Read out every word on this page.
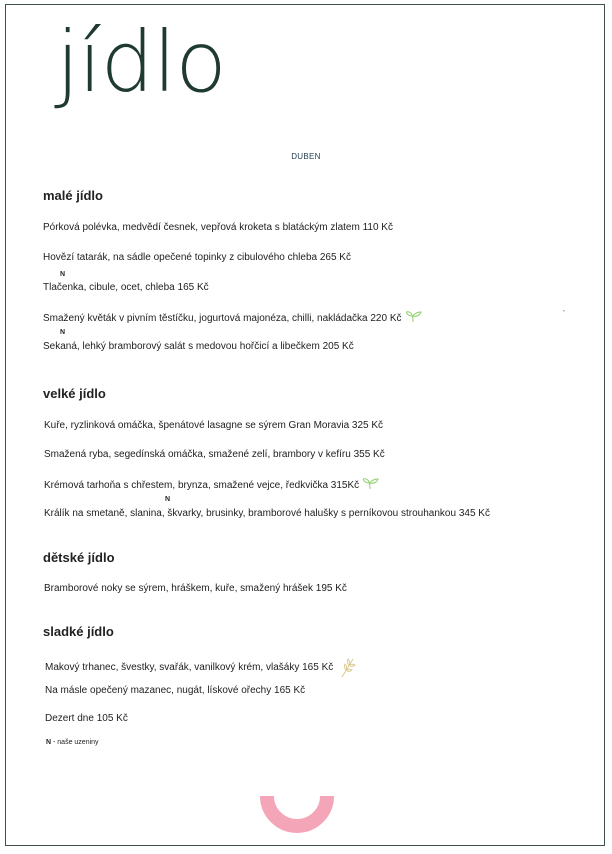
jídlo
DUBEN
’
malé jídlo
Pórková polévka, medvědí česnek, vepřová kroketa s blatáckým zlatem 110 Kč
Hovězí tatarák, na sádle opečené topinky z cibulového chleba 265 Kč
N
Tlačenka, cibule, ocet, chleba 165 Kč
Smažený květák v pivním těstíčku, jogurtová majonéza, chilli, nakládačka 220 Kč
N
Sekaná, lehký bramborový salát s medovou hořčicí a libečkem 205 Kč
velké jídlo
Kuře, ryzlinková omáčka, špenátové lasagne se sýrem Gran Moravia 325 Kč
Smažená ryba, segedínská omáčka, smažené zelí, brambory v kefíru 355 Kč
Krémová tarhoňa s chřestem, brynza, smažené vejce, ředkvička 315Kč
N
Králík na smetaně, slanina, škvarky, brusinky, bramborové halušky s perníkovou strouhankou 345 Kč
dětské jídlo
Bramborové noky se sýrem, hráškem, kuře, smažený hrášek 195 Kč
sladké jídlo
Makový trhanec, švestky, svařák, vanilkový krém, vlašáky 165 Kč
Na másle opečený mazanec, nugát, lískové ořechy 165 Kč
Dezert dne 105 Kč
N - naše uzeniny
